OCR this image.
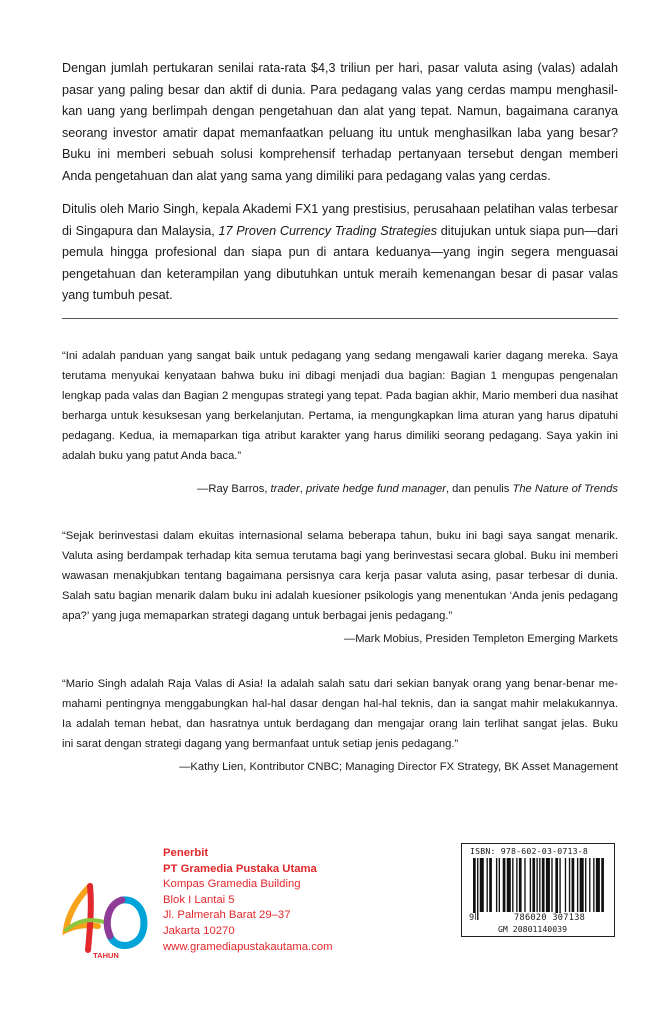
Dengan jumlah pertukaran senilai rata-rata $4,3 triliun per hari, pasar valuta asing (valas) adalah
pasar yang paling besar dan aktif di dunia. Para pedagang valas yang cerdas mampu menghasil-
kan uang yang berlimpah dengan pengetahuan dan alat yang tepat. Namun, bagaimana caranya
seorang investor amatir dapat memanfaatkan peluang itu untuk menghasilkan laba yang besar?
Buku ini memberi sebuah solusi komprehensif terhadap pertanyaan tersebut dengan memberi
Anda pengetahuan dan alat yang sama yang dimiliki para pedagang valas yang cerdas.
Ditulis oleh Mario Singh, kepala Akademi FX1 yang prestisius, perusahaan pelatihan valas terbesar
di Singapura dan Malaysia, 17 Proven Currency Trading Strategies ditujukan untuk siapa pun—dari
pemula hingga profesional dan siapa pun di antara keduanya—yang ingin segera menguasai
pengetahuan dan keterampilan yang dibutuhkan untuk meraih kemenangan besar di pasar valas
yang tumbuh pesat.
“Ini adalah panduan yang sangat baik untuk pedagang yang sedang mengawali karier dagang mereka. Saya
terutama menyukai kenyataan bahwa buku ini dibagi menjadi dua bagian: Bagian 1 mengupas pengenalan
lengkap pada valas dan Bagian 2 mengupas strategi yang tepat. Pada bagian akhir, Mario memberi dua nasihat
berharga untuk kesuksesan yang berkelanjutan. Pertama, ia mengungkapkan lima aturan yang harus dipatuhi
pedagang. Kedua, ia memaparkan tiga atribut karakter yang harus dimiliki seorang pedagang. Saya yakin ini
adalah buku yang patut Anda baca.”
—Ray Barros, trader, private hedge fund manager, dan penulis The Nature of Trends
“Sejak berinvestasi dalam ekuitas internasional selama beberapa tahun, buku ini bagi saya sangat menarik.
Valuta asing berdampak terhadap kita semua terutama bagi yang berinvestasi secara global. Buku ini memberi
wawasan menakjubkan tentang bagaimana persisnya cara kerja pasar valuta asing, pasar terbesar di dunia.
Salah satu bagian menarik dalam buku ini adalah kuesioner psikologis yang menentukan ‘Anda jenis pedagang
apa?’ yang juga memaparkan strategi dagang untuk berbagai jenis pedagang.”
—Mark Mobius, Presiden Templeton Emerging Markets
“Mario Singh adalah Raja Valas di Asia! Ia adalah salah satu dari sekian banyak orang yang benar-benar me-
mahami pentingnya menggabungkan hal-hal dasar dengan hal-hal teknis, dan ia sangat mahir melakukannya.
Ia adalah teman hebat, dan hasratnya untuk berdagang dan mengajar orang lain terlihat sangat jelas. Buku
ini sarat dengan strategi dagang yang bermanfaat untuk setiap jenis pedagang.”
—Kathy Lien, Kontributor CNBC; Managing Director FX Strategy, BK Asset Management
TAHUN
Penerbit
PT Gramedia Pustaka Utama
Kompas Gramedia Building
Blok I Lantai 5
Jl. Palmerah Barat 29–37
Jakarta 10270
www.gramediapustakautama.com
ISBN: 978-602-03-0713-8
9	786020 307138
GM 20801140039
